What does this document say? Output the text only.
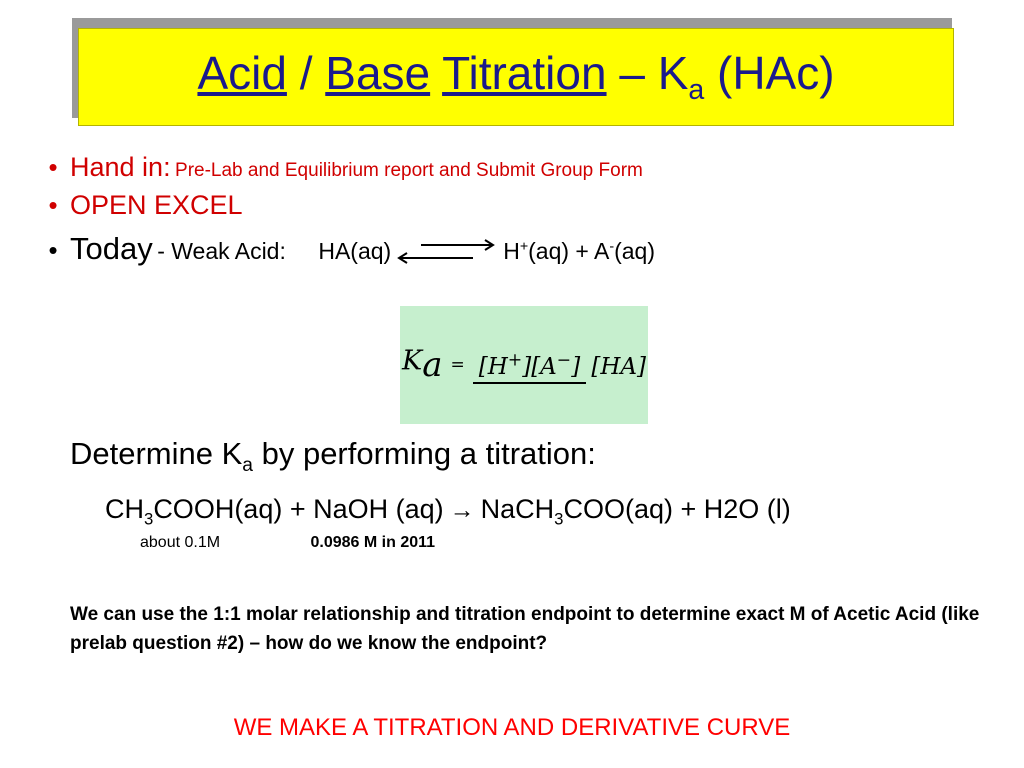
Acid / Base Titration – $K_a$ (HAc)
• Hand in: Pre-Lab and Equilibrium report and Submit Group Form
• OPEN EXCEL
• Today - Weak Acid: HA(aq)	H+(aq) + A-(aq)
Ka = [H+][A−] [HA]
Determine $K_a$ by performing a titration:
$CH_3COOH(aq)$ + NaOH (aq) → NaCH$_3$COO(aq) + H2O (l)
about 0.1M	0.0986 M in 2011
We can use the 1:1 molar relationship and titration endpoint to determine exact M of Acetic Acid (like prelab question #2) – how do we know the endpoint?
WE MAKE A TITRATION AND DERIVATIVE CURVE
